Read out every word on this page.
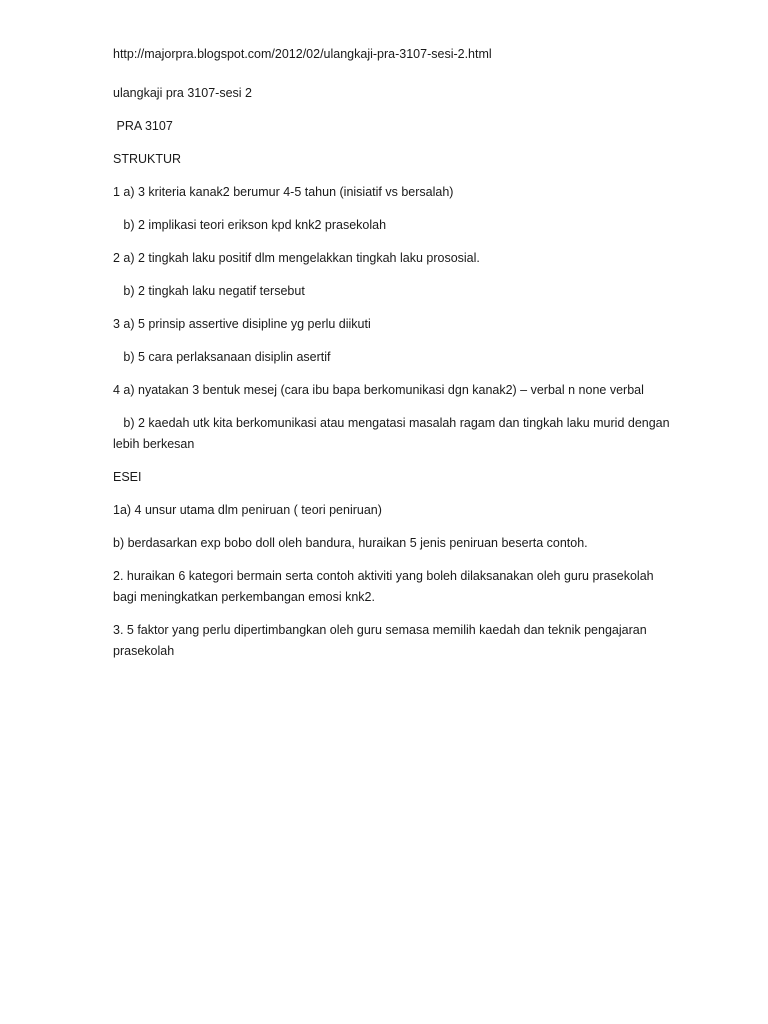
http://majorpra.blogspot.com/2012/02/ulangkaji-pra-3107-sesi-2.html
ulangkaji pra 3107-sesi 2
PRA 3107
STRUKTUR
1 a) 3 kriteria kanak2 berumur 4-5 tahun (inisiatif vs bersalah)
b) 2 implikasi teori erikson kpd knk2 prasekolah
2 a) 2 tingkah laku positif dlm mengelakkan tingkah laku prososial.
b) 2 tingkah laku negatif tersebut
3 a) 5 prinsip assertive disipline yg perlu diikuti
b) 5 cara perlaksanaan disiplin asertif
4 a) nyatakan 3 bentuk mesej (cara ibu bapa berkomunikasi dgn kanak2) – verbal n none verbal
b) 2 kaedah utk kita berkomunikasi atau mengatasi masalah ragam dan tingkah laku murid dengan lebih berkesan
ESEI
1a) 4 unsur utama dlm peniruan ( teori peniruan)
b) berdasarkan exp bobo doll oleh bandura, huraikan 5 jenis peniruan beserta contoh.
2. huraikan 6 kategori bermain serta contoh aktiviti yang boleh dilaksanakan oleh guru prasekolah bagi meningkatkan perkembangan emosi knk2.
3. 5 faktor yang perlu dipertimbangkan oleh guru semasa memilih kaedah dan teknik pengajaran prasekolah
